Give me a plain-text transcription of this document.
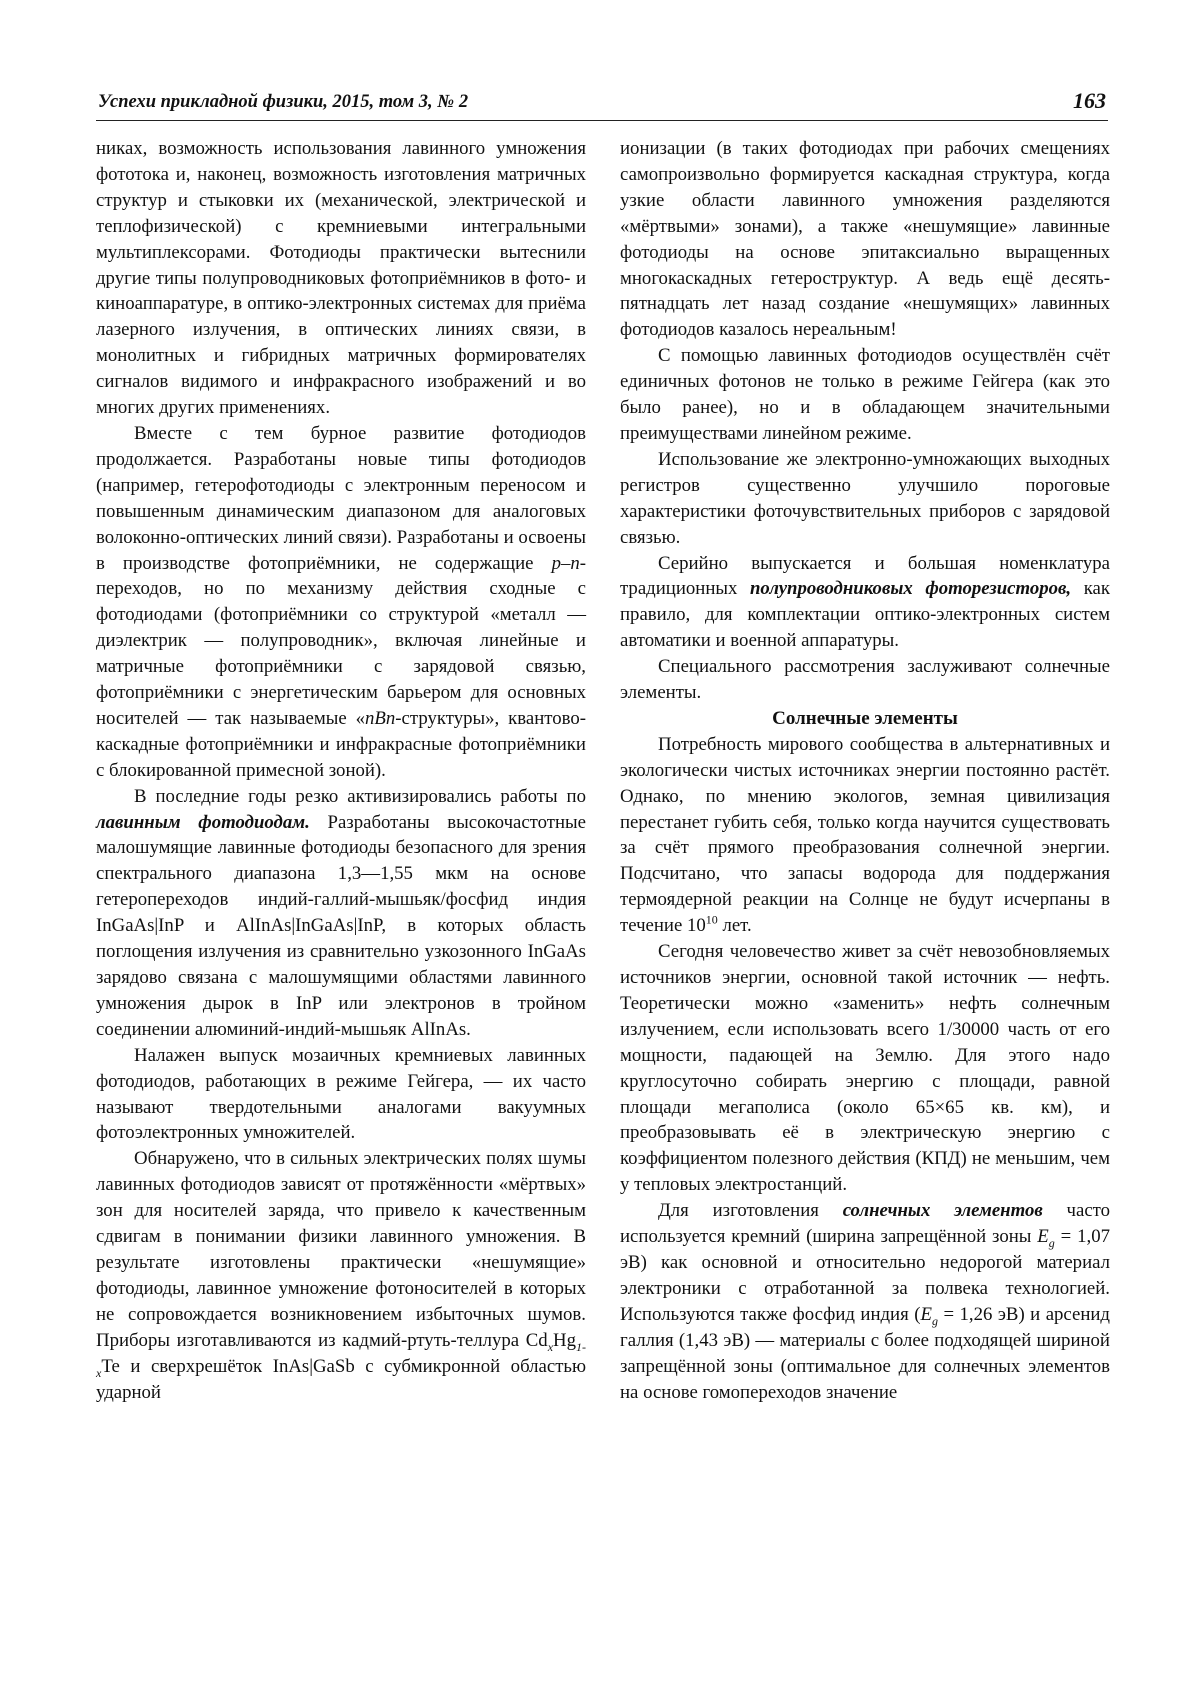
Успехи прикладной физики, 2015, том 3, № 2	163

никах, возможность использования лавинного умножения фототока и, наконец, возможность изготовления матричных структур и стыковки их (механической, электрической и теплофизической) с кремниевыми интегральными мультиплексорами. Фотодиоды практически вытеснили другие типы полупроводниковых фотоприёмников в фото- и киноаппаратуре, в оптико-электронных системах для приёма лазерного излучения, в оптических линиях связи, в монолитных и гибридных матричных формирователях сигналов видимого и инфракрасного изображений и во многих других применениях.

Вместе с тем бурное развитие фотодиодов продолжается. Разработаны новые типы фотодиодов (например, гетерофотодиоды с электронным переносом и повышенным динамическим диапазоном для аналоговых волоконно-оптических линий связи). Разработаны и освоены в производстве фотоприёмники, не содержащие p–n-переходов, но по механизму действия сходные с фотодиодами (фотоприёмники со структурой «металл — диэлектрик — полупроводник», включая линейные и матричные фотоприёмники с зарядовой связью, фотоприёмники с энергетическим барьером для основных носителей — так называемые «nBn-структуры», квантово-каскадные фотоприёмники и инфракрасные фотоприёмники с блокированной примесной зоной).

В последние годы резко активизировались работы по лавинным фотодиодам. Разработаны высокочастотные малошумящие лавинные фотодиоды безопасного для зрения спектрального диапазона 1,3—1,55 мкм на основе гетеропереходов индий-галлий-мышьяк/фосфид индия InGaAs|InP и AlInAs|InGaAs|InP, в которых область поглощения излучения из сравнительно узкозонного InGaAs зарядово связана с малошумящими областями лавинного умножения дырок в InP или электронов в тройном соединении алюминий-индий-мышьяк AlInAs.

Налажен выпуск мозаичных кремниевых лавинных фотодиодов, работающих в режиме Гейгера, — их часто называют твердотельными аналогами вакуумных фотоэлектронных умножителей.

Обнаружено, что в сильных электрических полях шумы лавинных фотодиодов зависят от протяжённости «мёртвых» зон для носителей заряда, что привело к качественным сдвигам в понимании физики лавинного умножения. В результате изготовлены практически «нешумящие» фотодиоды, лавинное умножение фотоносителей в которых не сопровождается возникновением избыточных шумов. Приборы изготавливаются из кадмий-ртуть-теллура $Cd_xHg_{1-x}Te$ и сверхрешёток InAs|GaSb с субмикронной областью ударной

ионизации (в таких фотодиодах при рабочих смещениях самопроизвольно формируется каскадная структура, когда узкие области лавинного умножения разделяются «мёртвыми» зонами), а также «нешумящие» лавинные фотодиоды на основе эпитаксиально выращенных многокаскадных гетероструктур. А ведь ещё десять-пятнадцать лет назад создание «нешумящих» лавинных фотодиодов казалось нереальным!

С помощью лавинных фотодиодов осуществлён счёт единичных фотонов не только в режиме Гейгера (как это было ранее), но и в обладающем значительными преимуществами линейном режиме.

Использование же электронно-умножающих выходных регистров существенно улучшило пороговые характеристики фоточувствительных приборов с зарядовой связью.

Серийно выпускается и большая номенклатура традиционных полупроводниковых фоторезисторов, как правило, для комплектации оптико-электронных систем автоматики и военной аппаратуры.

Специального рассмотрения заслуживают солнечные элементы.

Солнечные элементы

Потребность мирового сообщества в альтернативных и экологически чистых источниках энергии постоянно растёт. Однако, по мнению экологов, земная цивилизация перестанет губить себя, только когда научится существовать за счёт прямого преобразования солнечной энергии. Подсчитано, что запасы водорода для поддержания термоядерной реакции на Солнце не будут исчерпаны в течение $10^{10}$ лет.

Сегодня человечество живет за счёт невозобновляемых источников энергии, основной такой источник — нефть. Теоретически можно «заменить» нефть солнечным излучением, если использовать всего 1/30000 часть от его мощности, падающей на Землю. Для этого надо круглосуточно собирать энергию с площади, равной площади мегаполиса (около 65×65 кв. км), и преобразовывать её в электрическую энергию с коэффициентом полезного действия (КПД) не меньшим, чем у тепловых электростанций.

Для изготовления солнечных элементов часто используется кремний (ширина запрещённой зоны $E_g = 1,07$ эВ) как основной и относительно недорогой материал электроники с отработанной за полвека технологией. Используются также фосфид индия ($E_g = 1,26$ эВ) и арсенид галлия (1,43 эВ) — материалы с более подходящей шириной запрещённой зоны (оптимальное для солнечных элементов на основе гомопереходов значение
